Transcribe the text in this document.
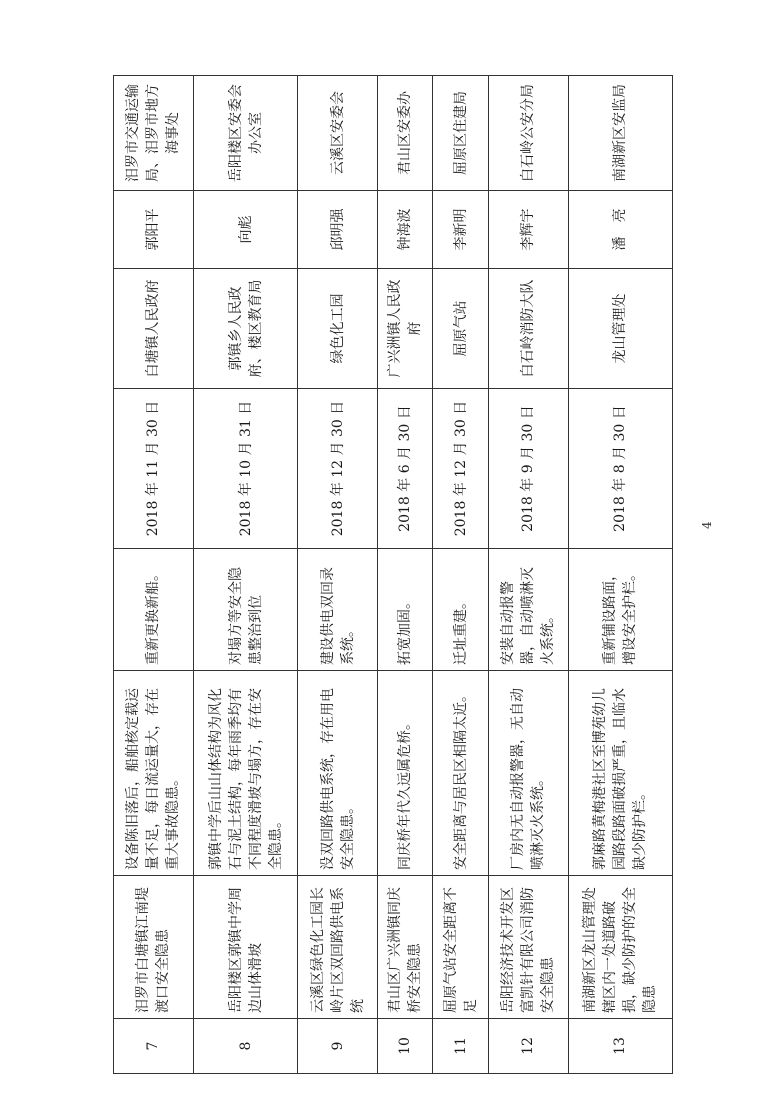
7	汨罗市白塘镇江南堤渡口安全隐患	设备陈旧落后，船舶核定载运量不足，每日流运量大，存在重大事故隐患。	重新更换新船。	2018 年 11 月 30 日	白塘镇人民政府	郭阳平	汨罗市交通运输局、汨罗市地方海事处
8	岳阳楼区郭镇中学周边山体滑坡	郭镇中学后山山体结构为风化石与泥土结构，每年雨季均有不同程度滑坡与塌方，存在安全隐患。	对塌方等安全隐患整治到位	2018 年 10 月 31 日	郭镇乡人民政府、楼区教育局	向彪	岳阳楼区安委会办公室
9	云溪区绿色化工园长岭片区双回路供电系统	没双回路供电系统，存在用电安全隐患。	建设供电双回录系统。	2018 年 12 月 30 日	绿色化工园	邱明强	云溪区安委会
10	君山区广兴洲镇同庆桥安全隐患	同庆桥年代久远属危桥。	拓宽加固。	2018 年 6 月 30 日	广兴洲镇人民政府	钟海波	君山区安委办
11	屈原气站安全距离不足	安全距离与居民区相隔太近。	迁址重建。	2018 年 12 月 30 日	屈原气站	李新明	屈原区住建局
12	岳阳经济技术开发区富凯针有限公司消防安全隐患	厂房内无自动报警器，无自动喷淋灭火系统。	安装自动报警器，自动喷淋灭火系统。	2018 年 9 月 30 日	白石岭消防大队	李辉宇	白石岭公安分局
13	南湖新区龙山管理处辖区内一处道路破损，缺少防护的安全隐患	郭麻路黄梅港社区至博苑幼儿园路段路面破损严重，且临水缺少防护栏。	重新铺设路面，增设安全护栏。	2018 年 8 月 30 日	龙山管理处	潘　亮	南湖新区安监局
4
